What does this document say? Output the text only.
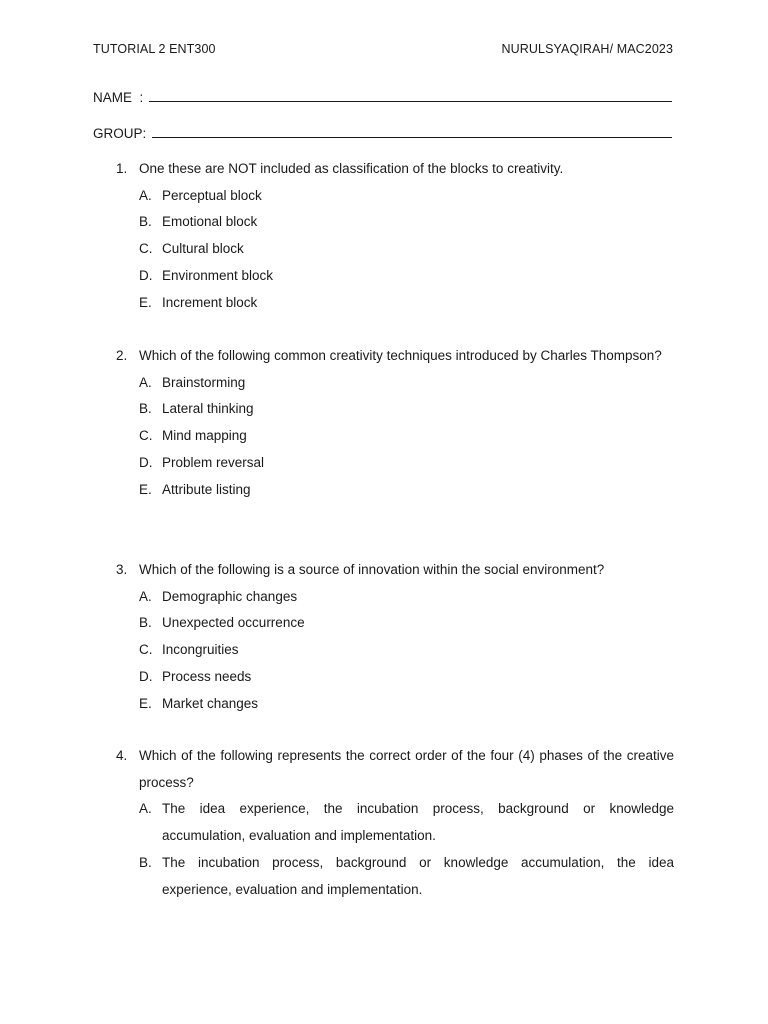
TUTORIAL 2 ENT300	NURULSYAQIRAH/ MAC2023
NAME  :
GROUP:
1. One these are NOT included as classification of the blocks to creativity.
A. Perceptual block
B. Emotional block
C. Cultural block
D. Environment block
E. Increment block
2. Which of the following common creativity techniques introduced by Charles Thompson?
A. Brainstorming
B. Lateral thinking
C. Mind mapping
D. Problem reversal
E. Attribute listing
3. Which of the following is a source of innovation within the social environment?
A. Demographic changes
B. Unexpected occurrence
C. Incongruities
D. Process needs
E. Market changes
4. Which of the following represents the correct order of the four (4) phases of the creative process?
A. The idea experience, the incubation process, background or knowledge accumulation, evaluation and implementation.
B. The incubation process, background or knowledge accumulation, the idea experience, evaluation and implementation.
